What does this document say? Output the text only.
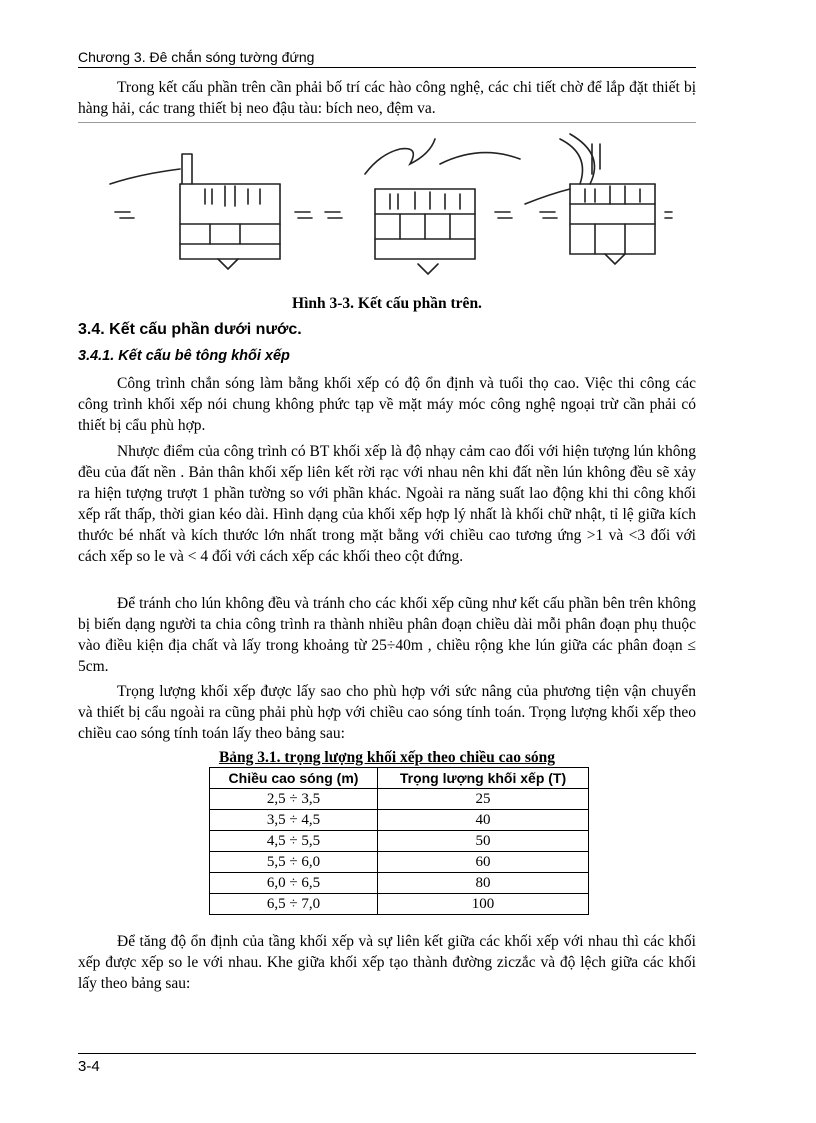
Chương 3. Đê chắn sóng tường đứng

Trong kết cấu phần trên cần phải bố trí các hào công nghệ, các chi tiết chờ để lắp đặt thiết bị hàng hải, các trang thiết bị neo đậu tàu: bích neo, đệm va.

Hình 3-3. Kết cấu phần trên.
3.4. Kết cấu phần dưới nước.
3.4.1. Kết cấu bê tông khối xếp

Công trình chắn sóng làm bằng khối xếp có độ ổn định và tuổi thọ cao. Việc thi công các công trình khối xếp nói chung không phức tạp về mặt máy móc công nghệ ngoại trừ cần phải có thiết bị cẩu phù hợp.

Nhược điểm của công trình có BT khối xếp là độ nhạy cảm cao đối với hiện tượng lún không đều của đất nền . Bản thân khối xếp liên kết rời rạc với nhau nên khi đất nền lún không đều sẽ xảy ra hiện tượng trượt 1 phần tường so với phần khác. Ngoài ra năng suất lao động khi thi công khối xếp rất thấp, thời gian kéo dài. Hình dạng của khối xếp hợp lý nhất là khối chữ nhật, tỉ lệ giữa kích thước bé nhất và kích thước lớn nhất trong mặt bằng với chiều cao tương ứng >1 và <3 đối với cách xếp so le và < 4 đối với cách xếp các khối theo cột đứng.

Để tránh cho lún không đều và tránh cho các khối xếp cũng như kết cấu phần bên trên không bị biến dạng người ta chia công trình ra thành nhiều phân đoạn chiều dài mỗi phân đoạn phụ thuộc vào điều kiện địa chất và lấy trong khoảng từ 25÷40m , chiều rộng khe lún giữa các phân đoạn ≤ 5cm.

Trọng lượng khối xếp được lấy sao cho phù hợp với sức nâng của phương tiện vận chuyển và thiết bị cẩu ngoài ra cũng phải phù hợp với chiều cao sóng tính toán. Trọng lượng khối xếp theo chiều cao sóng tính toán lấy theo bảng sau:

Bảng 3.1. trọng lượng khối xếp theo chiều cao sóng
Chiều cao sóng (m)	Trọng lượng khối xếp (T)
2,5 ÷ 3,5	25
3,5 ÷ 4,5	40
4,5 ÷ 5,5	50
5,5 ÷ 6,0	60
6,0 ÷ 6,5	80
6,5 ÷ 7,0	100

Để tăng độ ổn định của tầng khối xếp và sự liên kết giữa các khối xếp với nhau thì các khối xếp được xếp so le với nhau. Khe giữa khối xếp tạo thành đường ziczắc và độ lệch giữa các khối lấy theo bảng sau:

3-4
